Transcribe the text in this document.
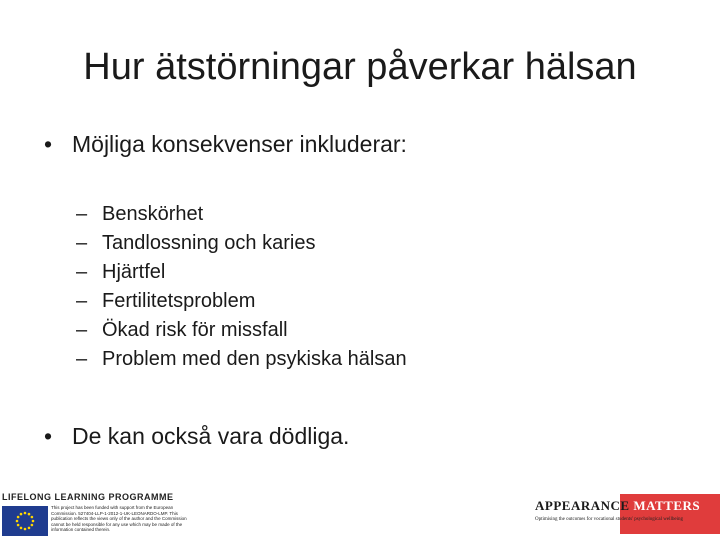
Hur ätstörningar påverkar hälsan
• Möjliga konsekvenser inkluderar:
– Benskörhet
– Tandlossning och karies
– Hjärtfel
– Fertilitetsproblem
– Ökad risk för missfall
– Problem med den psykiska hälsan
• De kan också vara dödliga.
LIFELONG LEARNING PROGRAMME
This project has been funded with support from the European Commission. 527404-LLP-1-2012-1-UK-LEONARDO-LMP. This publication reflects the views only of the author and the Commission cannot be held responsible for any use which may be made of the information contained therein.
APPEARANCE MATTERS
Optimising the outcomes for vocational students' psychological wellbeing
